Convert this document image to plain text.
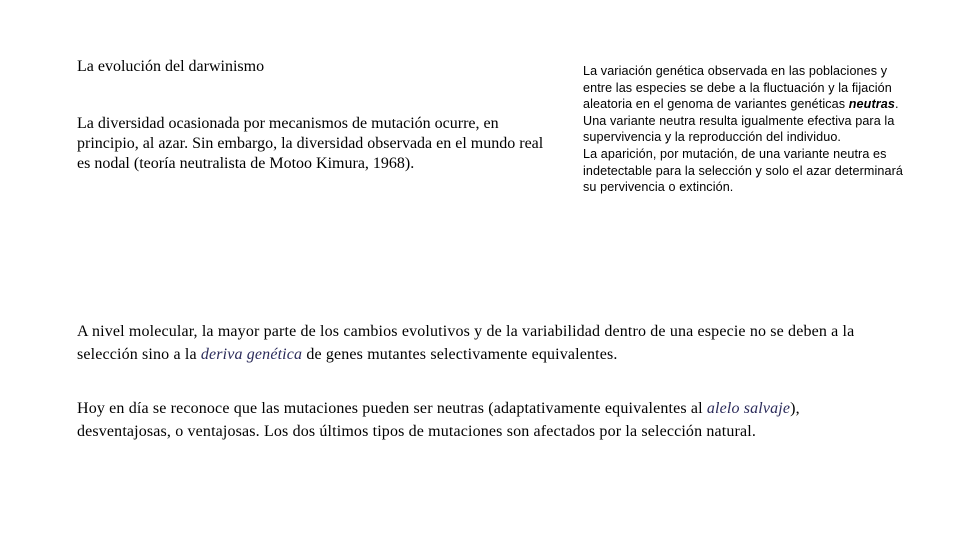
La evolución del darwinismo
La diversidad ocasionada por mecanismos de mutación ocurre, en principio, al azar. Sin embargo, la diversidad observada en el mundo real es nodal (teoría neutralista de Motoo Kimura, 1968).

La variación genética observada en las poblaciones y entre las especies se debe a la fluctuación y la fijación aleatoria en el genoma de variantes genéticas neutras.

Una variante neutra resulta igualmente efectiva para la supervivencia y la reproducción del individuo.

La aparición, por mutación, de una variante neutra es indetectable para la selección y solo el azar determinará su pervivencia o extinción.

A nivel molecular, la mayor parte de los cambios evolutivos y de la variabilidad dentro de una especie no se deben a la selección sino a la deriva genética de genes mutantes selectivamente equivalentes.
Hoy en día se reconoce que las mutaciones pueden ser neutras (adaptativamente equivalentes al alelo salvaje), desventajosas, o ventajosas. Los dos últimos tipos de mutaciones son afectados por la selección natural.
